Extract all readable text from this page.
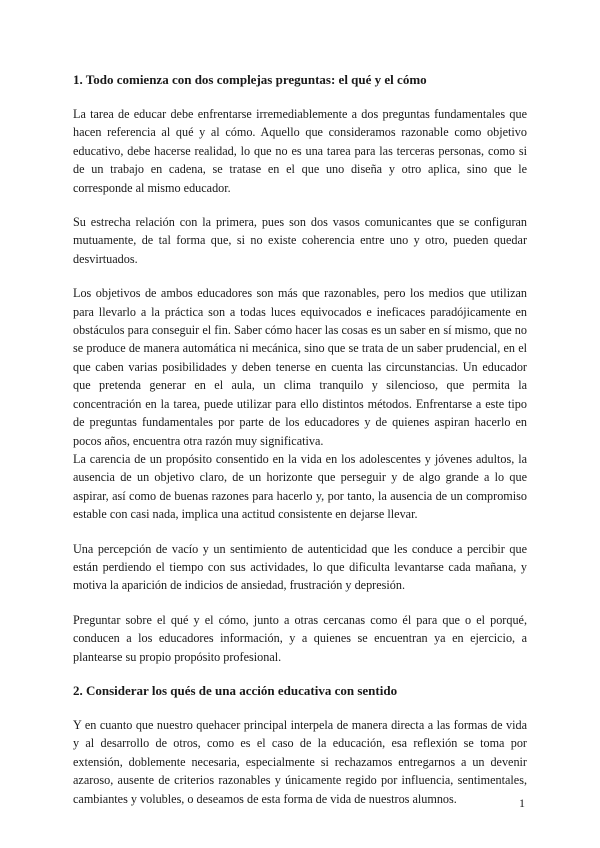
1. Todo comienza con dos complejas preguntas: el qué y el cómo

La tarea de educar debe enfrentarse irremediablemente a dos preguntas fundamentales que hacen referencia al qué y al cómo. Aquello que consideramos razonable como objetivo educativo, debe hacerse realidad, lo que no es una tarea para las terceras personas, como si de un trabajo en cadena, se tratase en el que uno diseña y otro aplica, sino que le corresponde al mismo educador.

Su estrecha relación con la primera, pues son dos vasos comunicantes que se configuran mutuamente, de tal forma que, si no existe coherencia entre uno y otro, pueden quedar desvirtuados.

Los objetivos de ambos educadores son más que razonables, pero los medios que utilizan para llevarlo a la práctica son a todas luces equivocados e ineficaces paradójicamente en obstáculos para conseguir el fin. Saber cómo hacer las cosas es un saber en sí mismo, que no se produce de manera automática ni mecánica, sino que se trata de un saber prudencial, en el que caben varias posibilidades y deben tenerse en cuenta las circunstancias. Un educador que pretenda generar en el aula, un clima tranquilo y silencioso, que permita la concentración en la tarea, puede utilizar para ello distintos métodos. Enfrentarse a este tipo de preguntas fundamentales por parte de los educadores y de quienes aspiran hacerlo en pocos años, encuentra otra razón muy significativa.

La carencia de un propósito consentido en la vida en los adolescentes y jóvenes adultos, la ausencia de un objetivo claro, de un horizonte que perseguir y de algo grande a lo que aspirar, así como de buenas razones para hacerlo y, por tanto, la ausencia de un compromiso estable con casi nada, implica una actitud consistente en dejarse llevar.

Una percepción de vacío y un sentimiento de autenticidad que les conduce a percibir que están perdiendo el tiempo con sus actividades, lo que dificulta levantarse cada mañana, y motiva la aparición de indicios de ansiedad, frustración y depresión.

Preguntar sobre el qué y el cómo, junto a otras cercanas como él para que o el porqué, conducen a los educadores información, y a quienes se encuentran ya en ejercicio, a plantearse su propio propósito profesional.

2. Considerar los qués de una acción educativa con sentido

Y en cuanto que nuestro quehacer principal interpela de manera directa a las formas de vida y al desarrollo de otros, como es el caso de la educación, esa reflexión se toma por extensión, doblemente necesaria, especialmente si rechazamos entregarnos a un devenir azaroso, ausente de criterios razonables y únicamente regido por influencia, sentimentales, cambiantes y volubles, o deseamos de esta forma de vida de nuestros alumnos.	1
